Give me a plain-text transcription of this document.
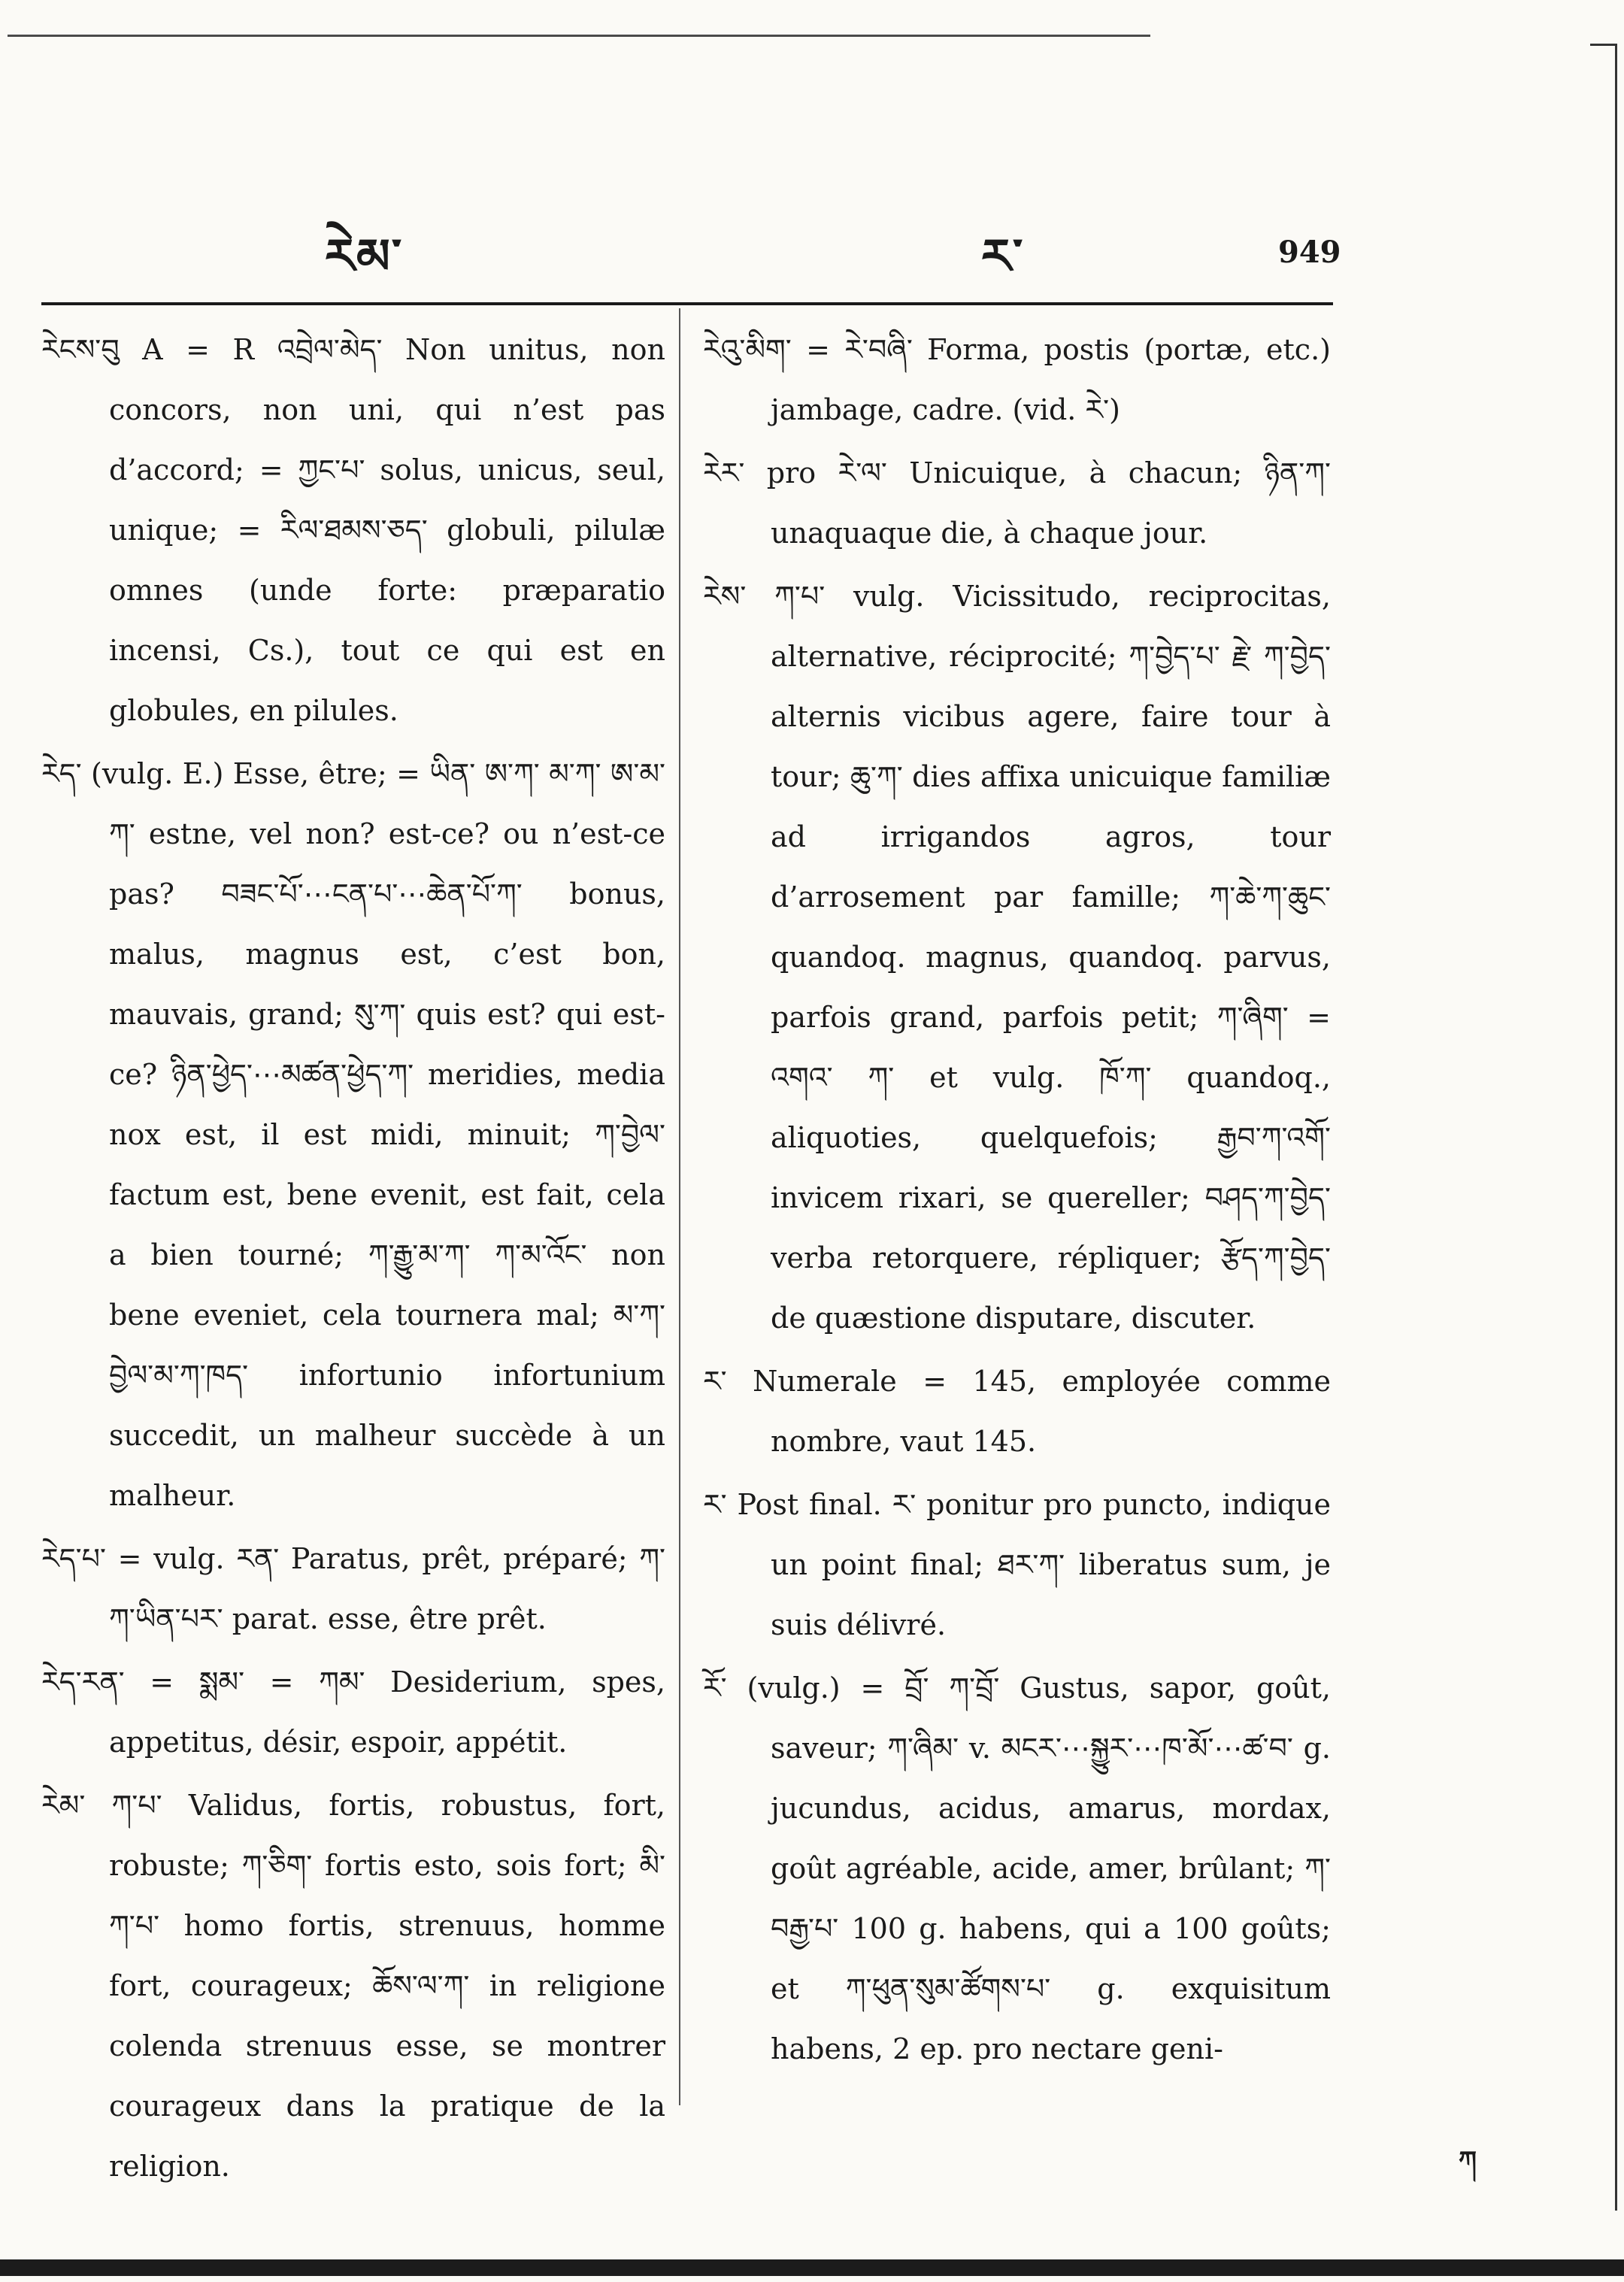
རེམ་	ར་	949

རེངས་བུ A = R འབྲེལ་མེད་ Non unitus, non concors, non uni, qui n’est pas d’accord; = ཀྱང་པ་ solus, unicus, seul, unique; = རིལ་ཐམས་ཅད་ globuli, pilulæ omnes (unde forte: præparatio incensi, Cs.), tout ce qui est en globules, en pilules.

རེད་ (vulg. E.) Esse, être; = ཡིན་ ཨ་ཀ་ མ་ཀ་ ཨ་མ་ཀ་ estne, vel non? est-ce? ou n’est-ce pas? བཟང་པོ་⋯ངན་པ་⋯ཆེན་པོ་ཀ་ bonus, malus, magnus est, c’est bon, mauvais, grand; སུ་ཀ་ quis est? qui est-ce? ཉིན་ཕྱེད་⋯མཚན་ཕྱེད་ཀ་ meridies, media nox est, il est midi, minuit; ཀ་བྱེལ་ factum est, bene evenit, est fait, cela a bien tourné; ཀ་རྒྱུ་མ་ཀ་ ཀ་མ་འོང་ non bene eveniet, cela tournera mal; མ་ཀ་བྱེལ་མ་ཀ་ཁད་ infortunio infortunium succedit, un malheur succède à un malheur.

རེད་པ་ = vulg. རན་ Paratus, prêt, préparé; ཀ་ཀ་ཡིན་པར་ parat. esse, être prêt.

རེད་རན་ = སྨམ་ = ཀམ་ Desiderium, spes, appetitus, désir, espoir, appétit.

རེམ་ ཀ་པ་ Validus, fortis, robustus, fort, robuste; ཀ་ཅིག་ fortis esto, sois fort; མི་ཀ་པ་ homo fortis, strenuus, homme fort, courageux; ཆོས་ལ་ཀ་ in religione colenda strenuus esse, se montrer courageux dans la pratique de la religion.

རེའུ་མིག་ = རེ་བཞི་ Forma, postis (portæ, etc.) jambage, cadre. (vid. རེ་)

རེར་ pro རེ་ལ་ Unicuique, à chacun; ཉིན་ཀ་ unaquaque die, à chaque jour.

རེས་ ཀ་པ་ vulg. Vicissitudo, reciprocitas, alternative, réciprocité; ཀ་བྱེད་པ་ རྗེ་ ཀ་བྱེད་ alternis vicibus agere, faire tour à tour; ཆུ་ཀ་ dies affixa unicuique familiæ ad irrigandos agros, tour d’arrosement par famille; ཀ་ཆེ་ཀ་ཆུང་ quandoq. magnus, quandoq. parvus, parfois grand, parfois petit; ཀ་ཞིག་ = འགའ་ ཀ་ et vulg. ཁོ་ཀ་ quandoq., aliquoties, quelquefois; རྒྱབ་ཀ་འགོ་ invicem rixari, se quereller; བཤད་ཀ་བྱེད་ verba retorquere, répliquer; རྩོད་ཀ་བྱེད་ de quæstione disputare, discuter.

ར་ Numerale = 145, employée comme nombre, vaut 145.

ར་ Post final. ར་ ponitur pro puncto, indique un point final; ཐར་ཀ་ liberatus sum, je suis délivré.

རོ་ (vulg.) = བྲོ་ ཀ་བྲོ་ Gustus, sapor, goût, saveur; ཀ་ཞིམ་ v. མངར་⋯སྐྱུར་⋯ཁ་མོ་⋯ཚ་བ་ g. jucundus, acidus, amarus, mordax, goût agréable, acide, amer, brûlant; ཀ་བརྒྱ་པ་ 100 g. habens, qui a 100 goûts; et ཀ་ཕུན་སུམ་ཚོགས་པ་ g. exquisitum habens, 2 ep. pro nectare geni-

ཀ
